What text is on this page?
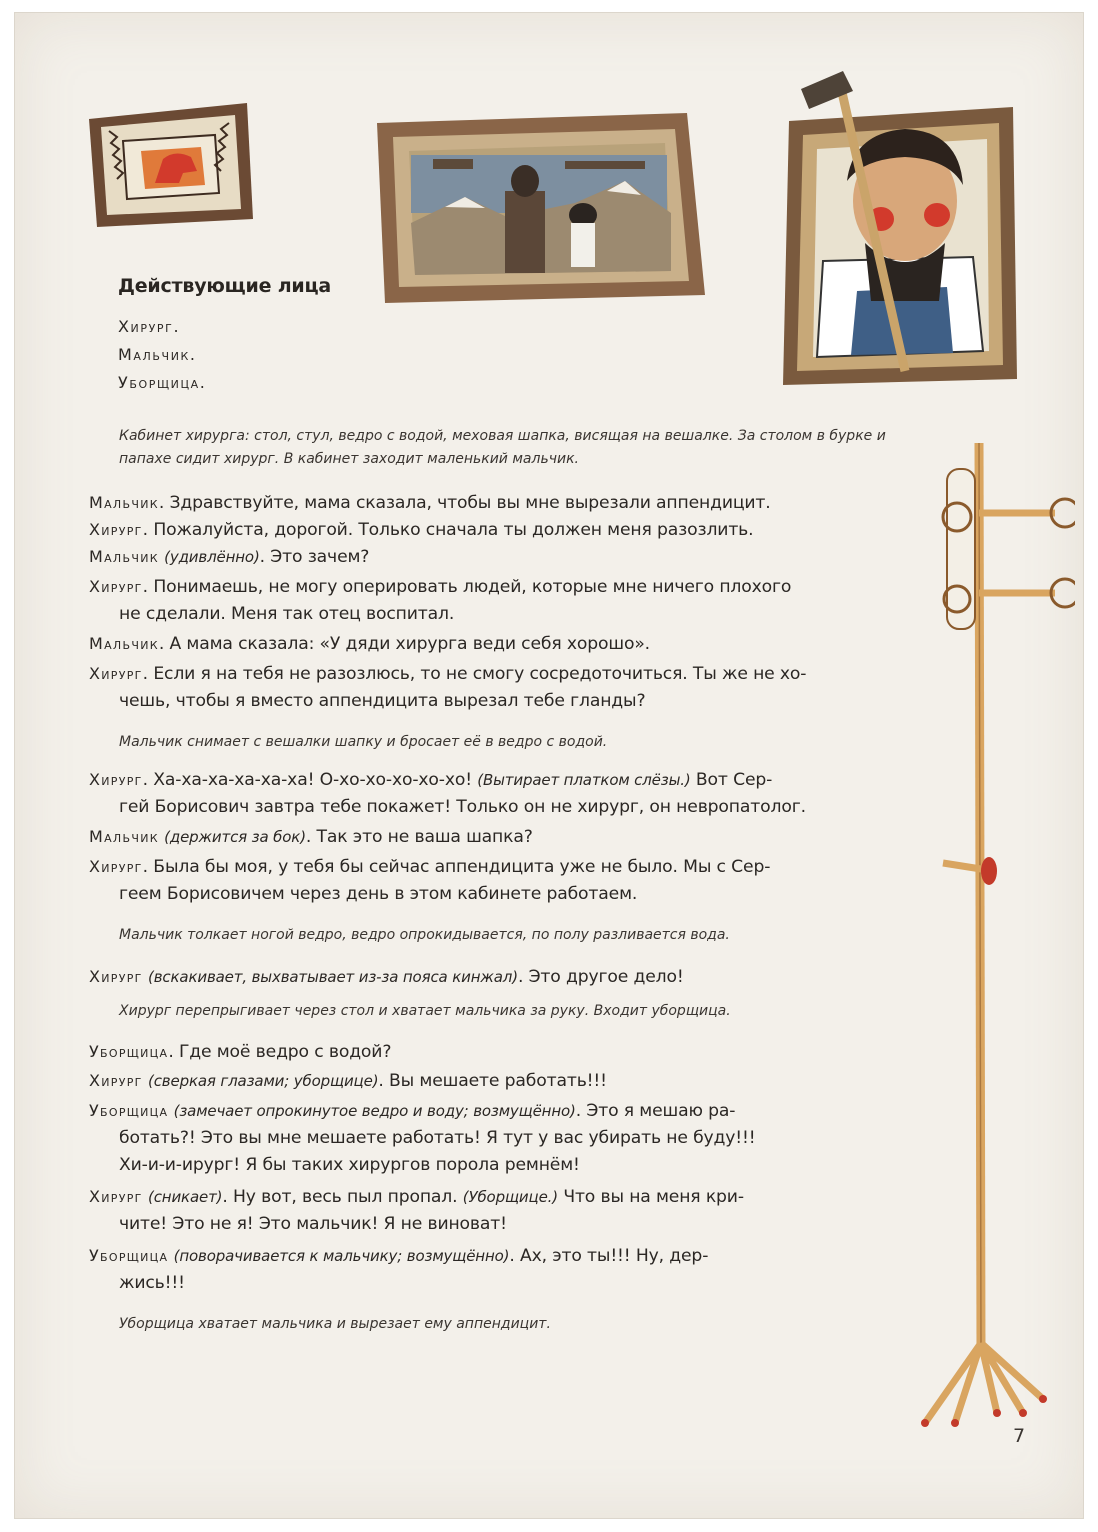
Действующие лица
Хирург.
Мальчик.
Уборщица.
Кабинет хирурга: стол, стул, ведро с водой, меховая шапка, висящая на вешалке. За столом в бурке и папахе сидит хирург. В кабинет заходит маленький мальчик.
Мальчик. Здравствуйте, мама сказала, чтобы вы мне вырезали аппендицит.
Хирург. Пожалуйста, дорогой. Только сначала ты должен меня разозлить.
Мальчик (удивлённо). Это зачем?
Хирург. Понимаешь, не могу оперировать людей, которые мне ничего плохого
не сделали. Меня так отец воспитал.
Мальчик. А мама сказала: «У дяди хирурга веди себя хорошо».
Хирург. Если я на тебя не разозлюсь, то не смогу сосредоточиться. Ты же не хо-
чешь, чтобы я вместо аппендицита вырезал тебе гланды?
Мальчик снимает с вешалки шапку и бросает её в ведро с водой.
Хирург. Ха-ха-ха-ха-ха-ха! О-хо-хо-хо-хо-хо! (Вытирает платком слёзы.) Вот Сер-
гей Борисович завтра тебе покажет! Только он не хирург, он невропатолог.
Мальчик (держится за бок). Так это не ваша шапка?
Хирург. Была бы моя, у тебя бы сейчас аппендицита уже не было. Мы с Сер-
геем Борисовичем через день в этом кабинете работаем.
Мальчик толкает ногой ведро, ведро опрокидывается, по полу разливается вода.
Хирург (вскакивает, выхватывает из-за пояса кинжал). Это другое дело!
Хирург перепрыгивает через стол и хватает мальчика за руку. Входит уборщица.
Уборщица. Где моё ведро с водой?
Хирург (сверкая глазами; уборщице). Вы мешаете работать!!!
Уборщица (замечает опрокинутое ведро и воду; возмущённо). Это я мешаю ра-
ботать?! Это вы мне мешаете работать! Я тут у вас убирать не буду!!!
Хи-и-и-ирург! Я бы таких хирургов порола ремнём!
Хирург (сникает). Ну вот, весь пыл пропал. (Уборщице.) Что вы на меня кри-
чите! Это не я! Это мальчик! Я не виноват!
Уборщица (поворачивается к мальчику; возмущённо). Ах, это ты!!! Ну, дер-
жись!!!
Уборщица хватает мальчика и вырезает ему аппендицит.
7
